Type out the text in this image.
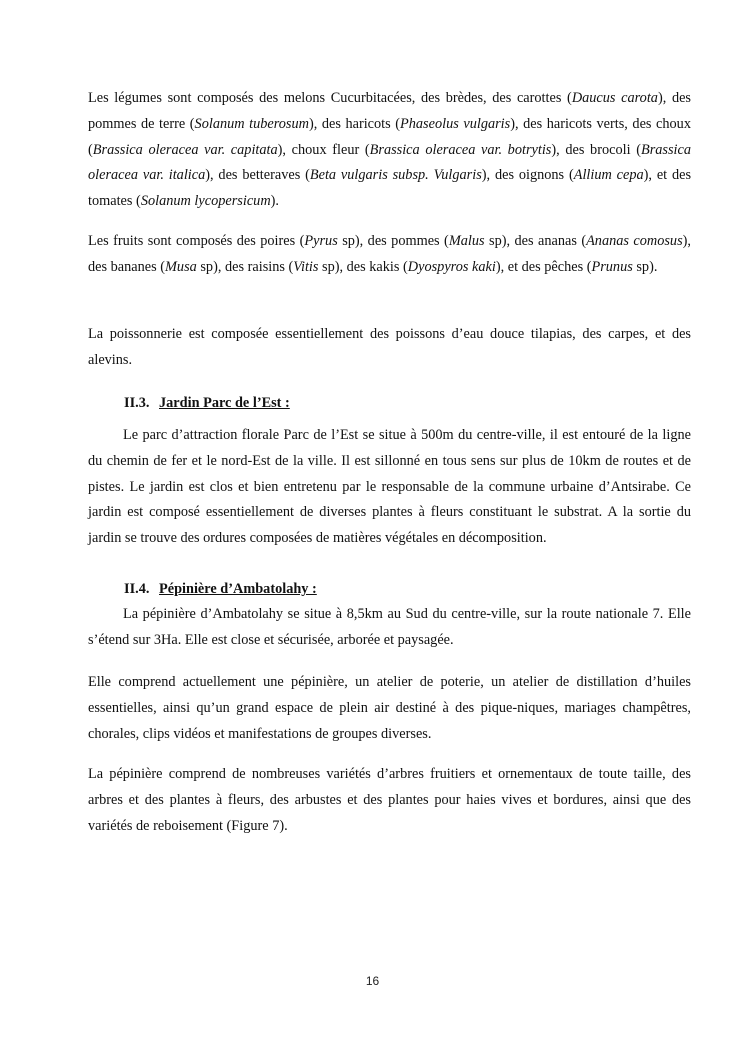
Les légumes sont composés des melons Cucurbitacées, des brèdes, des carottes (Daucus carota), des pommes de terre (Solanum tuberosum), des haricots (Phaseolus vulgaris), des haricots verts, des choux (Brassica oleracea var. capitata), choux fleur (Brassica oleracea var. botrytis), des brocoli (Brassica oleracea var. italica), des betteraves (Beta vulgaris subsp. Vulgaris), des oignons (Allium cepa), et des tomates (Solanum lycopersicum).

Les fruits sont composés des poires (Pyrus sp), des pommes (Malus sp), des ananas (Ananas comosus), des bananes (Musa sp), des raisins (Vitis sp), des kakis (Dyospyros kaki), et des pêches (Prunus sp).

La poissonnerie est composée essentiellement des poissons d’eau douce tilapias, des carpes, et des alevins.

II.3. Jardin Parc de l’Est :

Le parc d’attraction florale Parc de l’Est se situe à 500m du centre-ville, il est entouré de la ligne du chemin de fer et le nord-Est de la ville. Il est sillonné en tous sens sur plus de 10km de routes et de pistes. Le jardin est clos et bien entretenu par le responsable de la commune urbaine d’Antsirabe. Ce jardin est composé essentiellement de diverses plantes à fleurs constituant le substrat. A la sortie du jardin se trouve des ordures composées de matières végétales en décomposition.

II.4. Pépinière d’Ambatolahy :

La pépinière d’Ambatolahy se situe à 8,5km au Sud du centre-ville, sur la route nationale 7. Elle s’étend sur 3Ha. Elle est close et sécurisée, arborée et paysagée.

Elle comprend actuellement une pépinière, un atelier de poterie, un atelier de distillation d’huiles essentielles, ainsi qu’un grand espace de plein air destiné à des pique-niques, mariages champêtres, chorales, clips vidéos et manifestations de groupes diverses.

La pépinière comprend de nombreuses variétés d’arbres fruitiers et ornementaux de toute taille, des arbres et des plantes à fleurs, des arbustes et des plantes pour haies vives et bordures, ainsi que des variétés de reboisement (Figure 7).

16
